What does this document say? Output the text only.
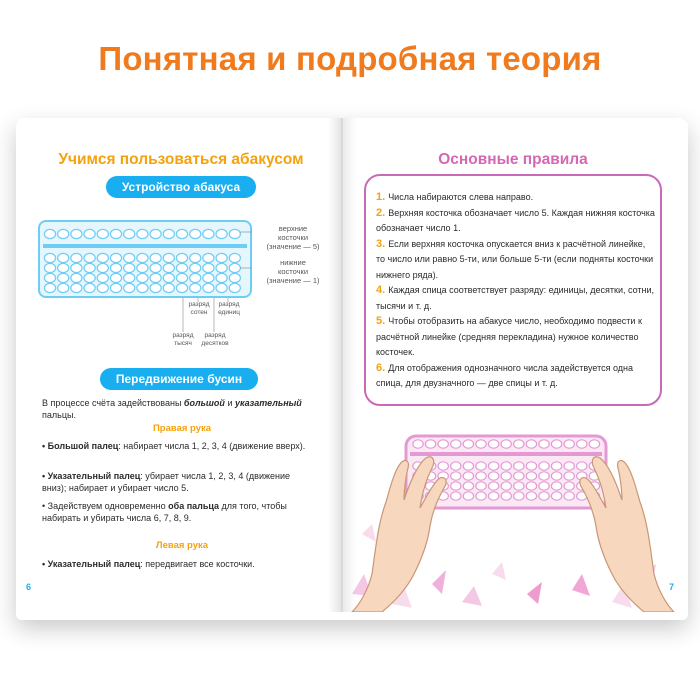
Понятная и подробная теория
Учимся пользоваться абакусом
Устройство абакуса
верхние
косточки
(значение — 5)
нижние
косточки
(значение — 1)
разряд
сотен
разряд
единиц
разряд
тысяч
разряд
десятков
Передвижение бусин
В процессе счёта задействованы большой и указательный пальцы.
Правая рука
• Большой палец: набирает числа 1, 2, 3, 4 (движение вверх).
• Указательный палец: убирает числа 1, 2, 3, 4 (движение вниз); набирает и убирает число 5.
• Задействуем одновременно оба пальца для того, чтобы набирать и убирать числа 6, 7, 8, 9.
Левая рука
• Указательный палец: передвигает все косточки.
6
Основные правила
1. Числа набираются слева направо.
2. Верхняя косточка обозначает число 5. Каждая нижняя косточка обозначает число 1.
3. Если верхняя косточка опускается вниз к расчётной линейке, то число или равно 5-ти, или больше 5-ти (если подняты косточки нижнего ряда).
4. Каждая спица соответствует разряду: единицы, десятки, сотни, тысячи и т. д.
5. Чтобы отобразить на абакусе число, необходимо подвести к расчётной линейке (средняя перекладина) нужное количество косточек.
6. Для отображения однозначного числа задействуется одна спица, для двузначного — две спицы и т. д.
7
